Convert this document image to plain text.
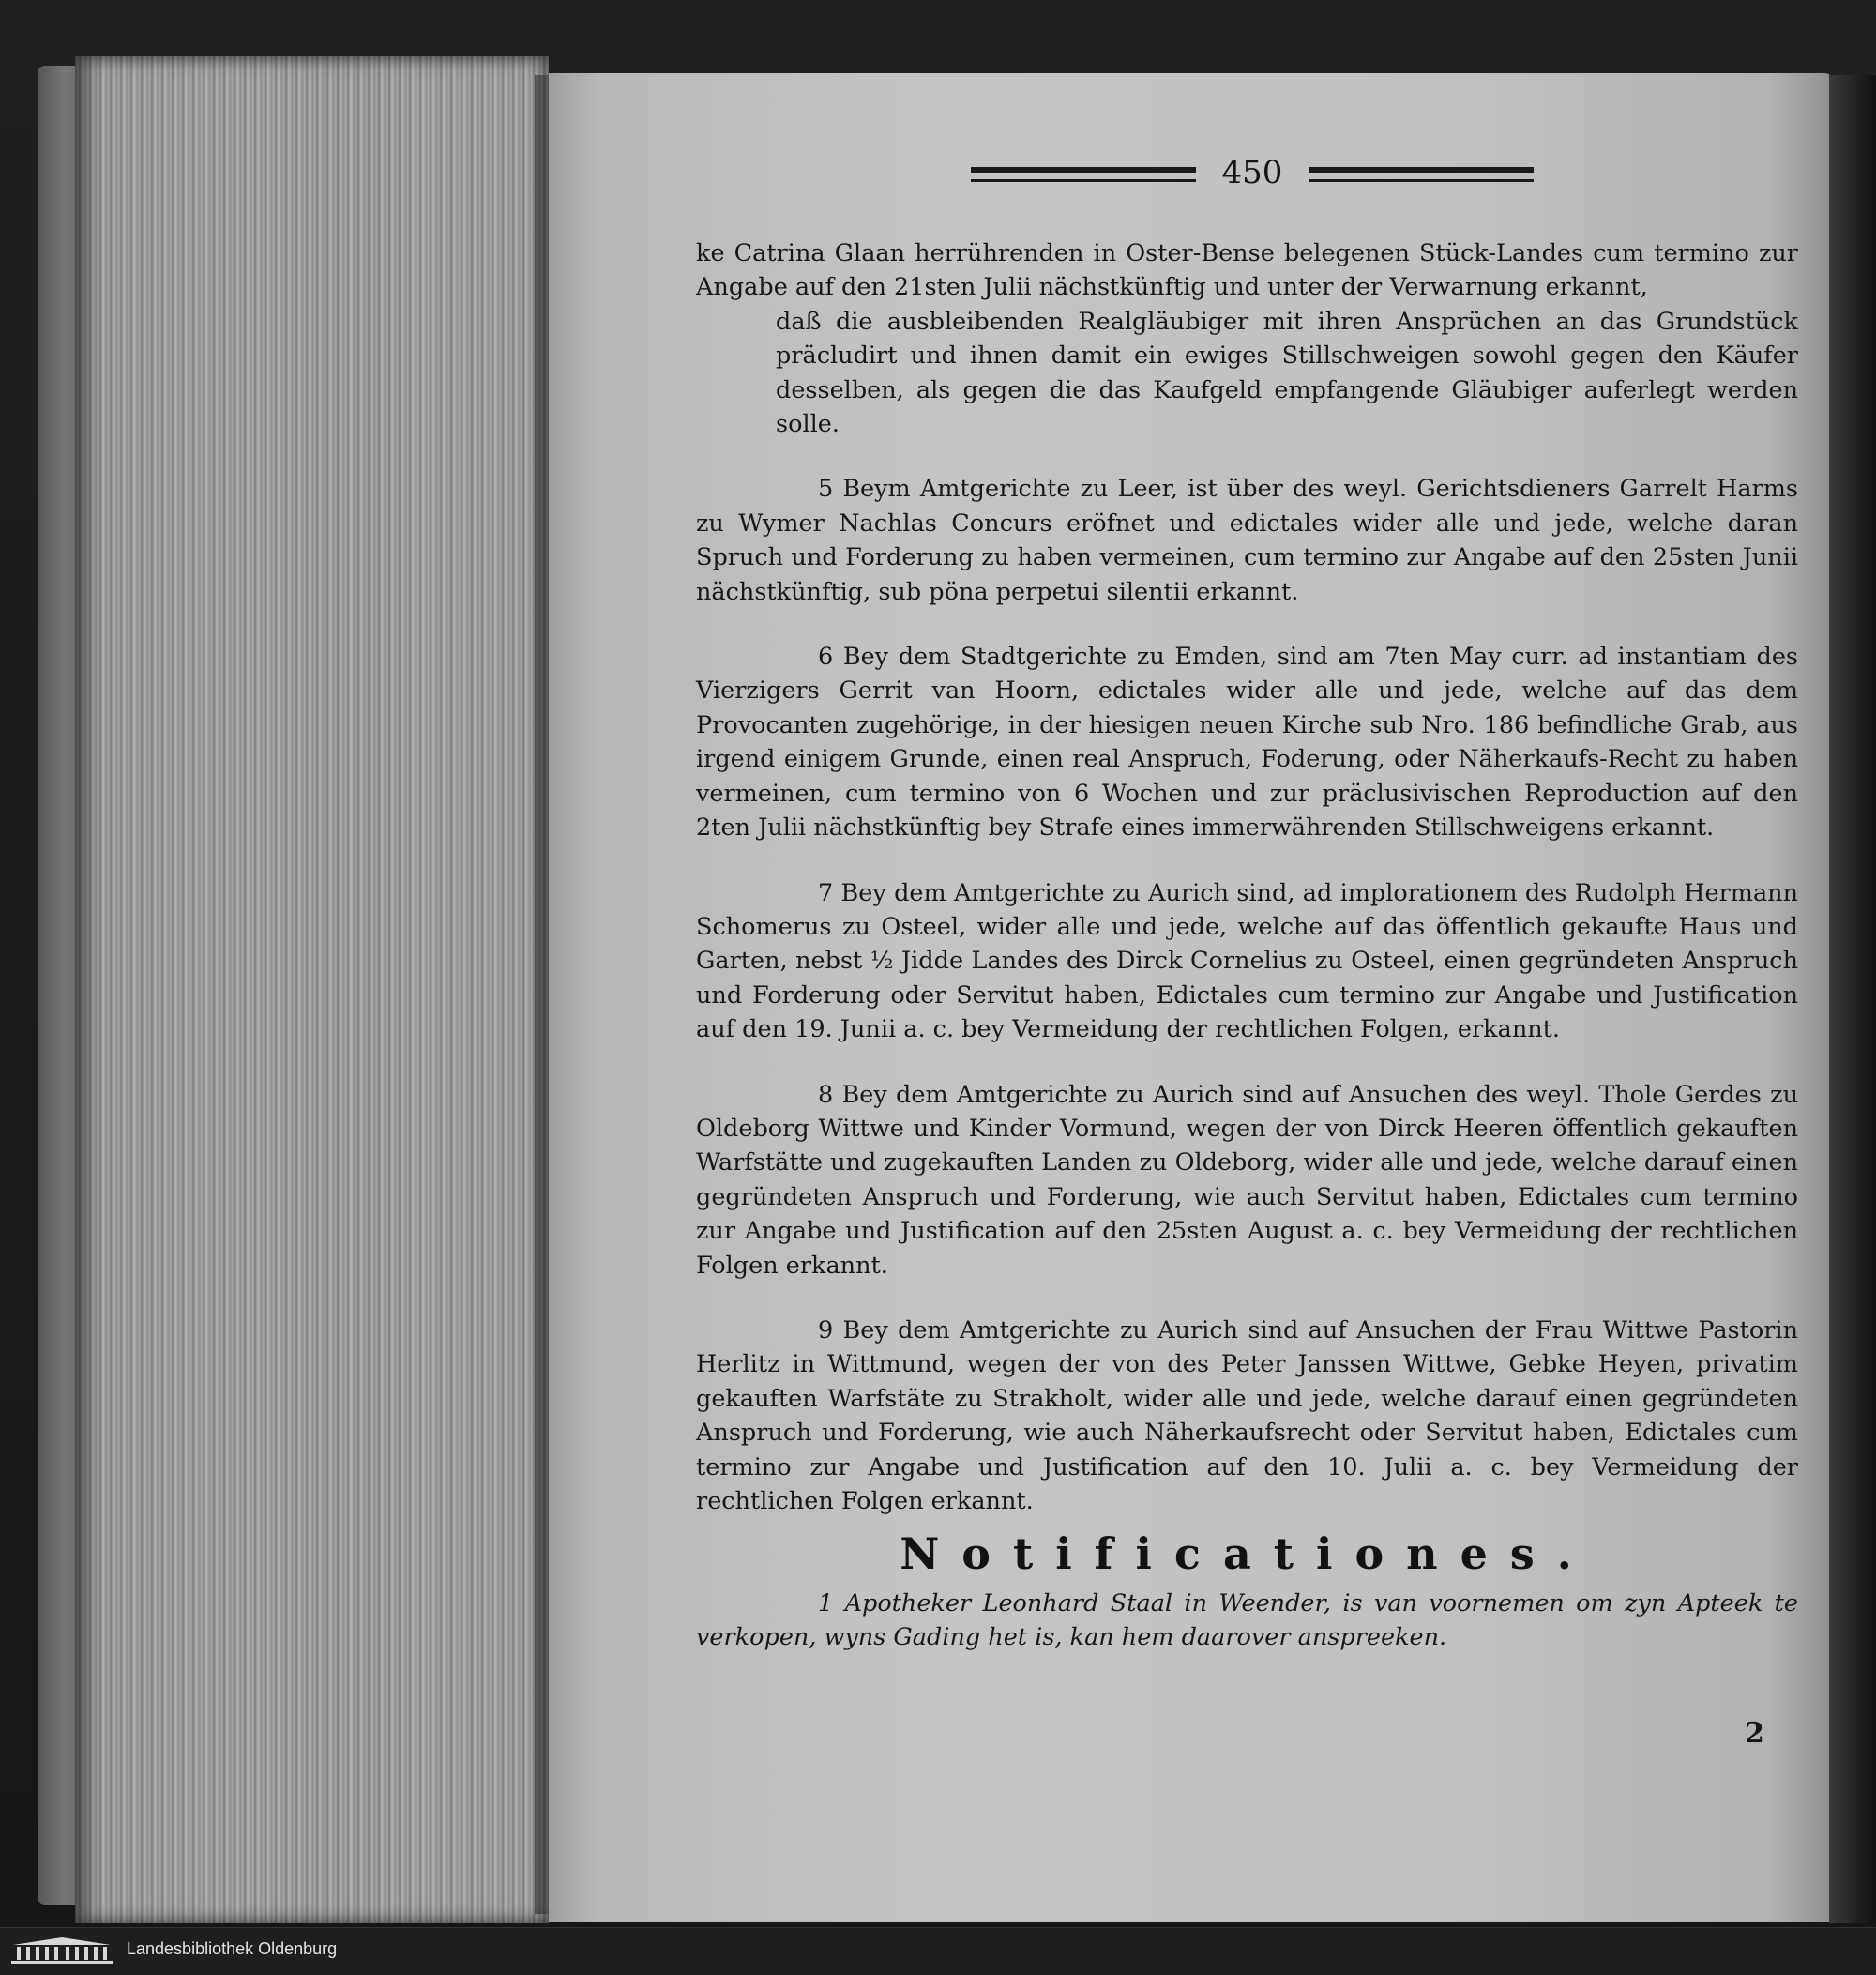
450

ke Catrina Glaan herrührenden in Oster-Bense belegenen Stück-Landes cum termino zur Angabe auf den 21sten Julii nächstkünftig und unter der Verwarnung erkannt,

daß die ausbleibenden Realgläubiger mit ihren Ansprüchen an das Grundstück präcludirt und ihnen damit ein ewiges Stillschweigen sowohl gegen den Käufer desselben, als gegen die das Kaufgeld empfangende Gläubiger auferlegt werden solle.

5 Beym Amtgerichte zu Leer, ist über des weyl. Gerichtsdieners Garrelt Harms zu Wymer Nachlas Concurs eröfnet und edictales wider alle und jede, welche daran Spruch und Forderung zu haben vermeinen, cum termino zur Angabe auf den 25sten Junii nächstkünftig, sub pöna perpetui silentii erkannt.

6 Bey dem Stadtgerichte zu Emden, sind am 7ten May curr. ad instantiam des Vierzigers Gerrit van Hoorn, edictales wider alle und jede, welche auf das dem Provocanten zugehörige, in der hiesigen neuen Kirche sub Nro. 186 befindliche Grab, aus irgend einigem Grunde, einen real Anspruch, Foderung, oder Näherkaufs-Recht zu haben vermeinen, cum termino von 6 Wochen und zur präclusivischen Reproduction auf den 2ten Julii nächstkünftig bey Strafe eines immerwährenden Stillschweigens erkannt.

7 Bey dem Amtgerichte zu Aurich sind, ad implorationem des Rudolph Hermann Schomerus zu Osteel, wider alle und jede, welche auf das öffentlich gekaufte Haus und Garten, nebst ½ Jidde Landes des Dirck Cornelius zu Osteel, einen gegründeten Anspruch und Forderung oder Servitut haben, Edictales cum termino zur Angabe und Justification auf den 19. Junii a. c. bey Vermeidung der rechtlichen Folgen, erkannt.

8 Bey dem Amtgerichte zu Aurich sind auf Ansuchen des weyl. Thole Gerdes zu Oldeborg Wittwe und Kinder Vormund, wegen der von Dirck Heeren öffentlich gekauften Warfstätte und zugekauften Landen zu Oldeborg, wider alle und jede, welche darauf einen gegründeten Anspruch und Forderung, wie auch Servitut haben, Edictales cum termino zur Angabe und Justification auf den 25sten August a. c. bey Vermeidung der rechtlichen Folgen erkannt.

9 Bey dem Amtgerichte zu Aurich sind auf Ansuchen der Frau Wittwe Pastorin Herlitz in Wittmund, wegen der von des Peter Janssen Wittwe, Gebke Heyen, privatim gekauften Warfstäte zu Strakholt, wider alle und jede, welche darauf einen gegründeten Anspruch und Forderung, wie auch Näherkaufsrecht oder Servitut haben, Edictales cum termino zur Angabe und Justification auf den 10. Julii a. c. bey Vermeidung der rechtlichen Folgen erkannt.

Notificationes.

1 Apotheker Leonhard Staal in Weender, is van voornemen om zyn Apteek te verkopen, wyns Gading het is, kan hem daarover anspreeken.

2
Landesbibliothek Oldenburg
